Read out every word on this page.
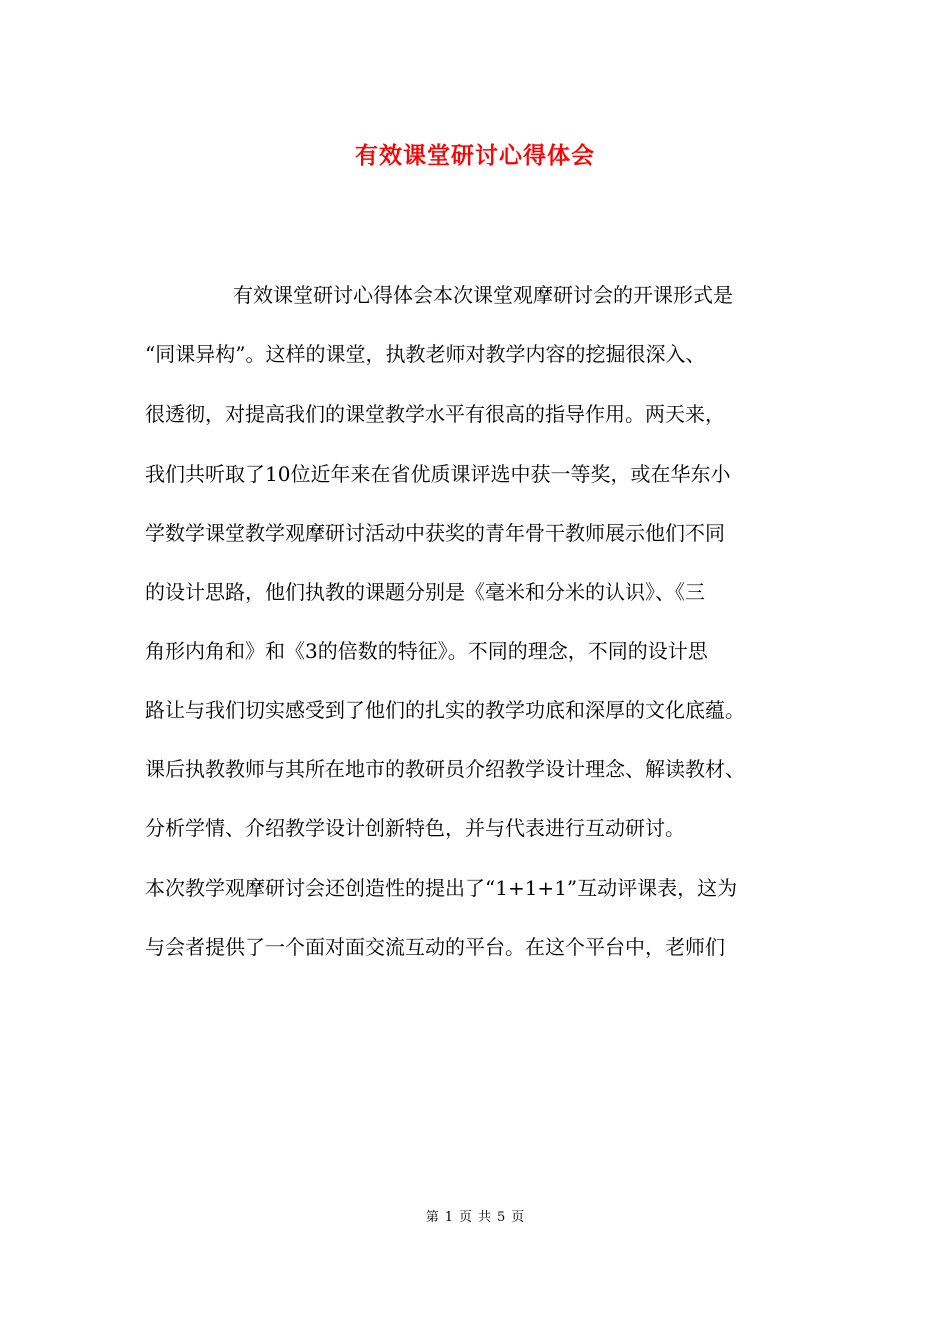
有效课堂研讨心得体会
有效课堂研讨心得体会本次课堂观摩研讨会的开课形式是
“同课异构”。这样的课堂，执教老师对教学内容的挖掘很深入、
很透彻，对提高我们的课堂教学水平有很高的指导作用。两天来，
我们共听取了10位近年来在省优质课评选中获一等奖，或在华东小
学数学课堂教学观摩研讨活动中获奖的青年骨干教师展示他们不同
的设计思路，他们执教的课题分别是《毫米和分米的认识》、《三
角形内角和》和《3的倍数的特征》。不同的理念，不同的设计思
路让与我们切实感受到了他们的扎实的教学功底和深厚的文化底蕴。
课后执教教师与其所在地市的教研员介绍教学设计理念、解读教材、
分析学情、介绍教学设计创新特色，并与代表进行互动研讨。
本次教学观摩研讨会还创造性的提出了“1+1+1”互动评课表，这为
与会者提供了一个面对面交流互动的平台。在这个平台中，老师们
第 1 页 共 5 页
